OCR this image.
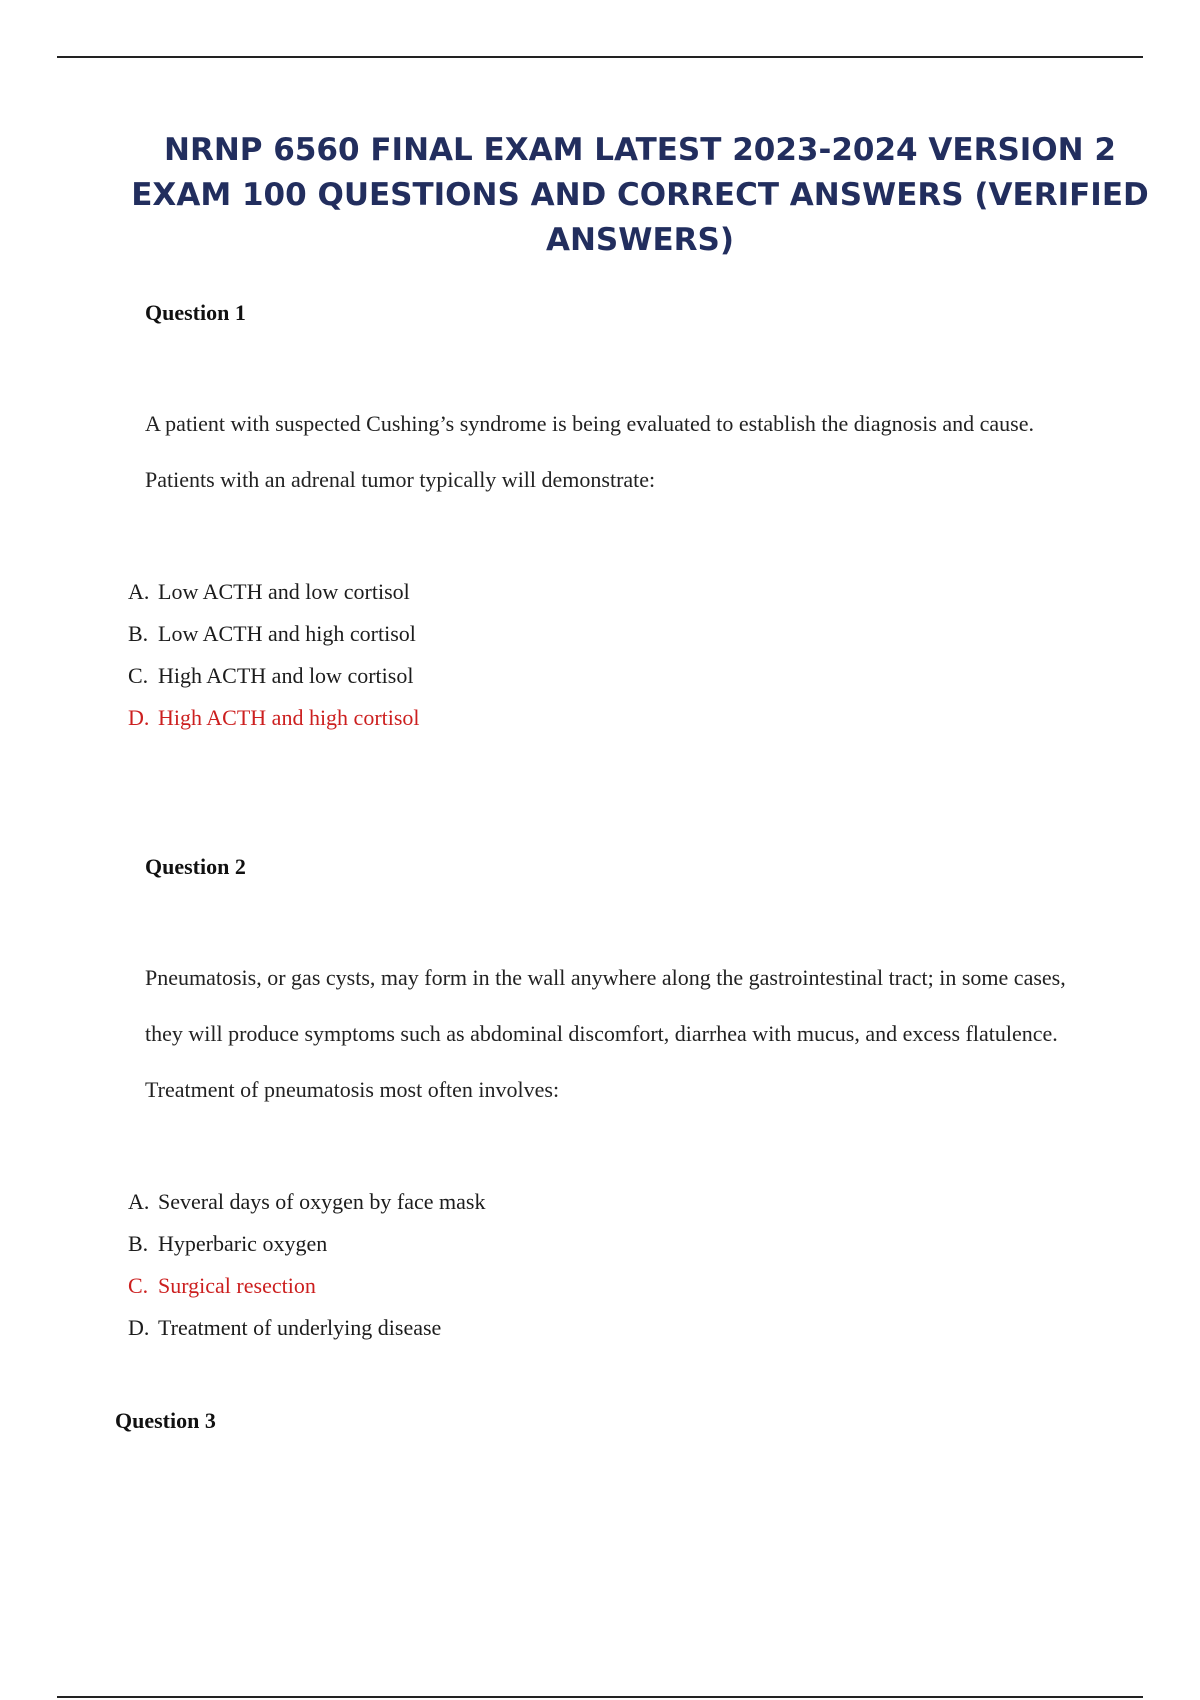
NRNP 6560 FINAL EXAM LATEST 2023-2024 VERSION 2 EXAM 100 QUESTIONS AND CORRECT ANSWERS (VERIFIED ANSWERS)
Question 1

A patient with suspected Cushing’s syndrome is being evaluated to establish the diagnosis and cause. Patients with an adrenal tumor typically will demonstrate:

A. Low ACTH and low cortisol
B. Low ACTH and high cortisol
C. High ACTH and low cortisol
D. High ACTH and high cortisol
Question 2

Pneumatosis, or gas cysts, may form in the wall anywhere along the gastrointestinal tract; in some cases, they will produce symptoms such as abdominal discomfort, diarrhea with mucus, and excess flatulence. Treatment of pneumatosis most often involves:

A. Several days of oxygen by face mask
B. Hyperbaric oxygen
C. Surgical resection
D. Treatment of underlying disease
Question 3
